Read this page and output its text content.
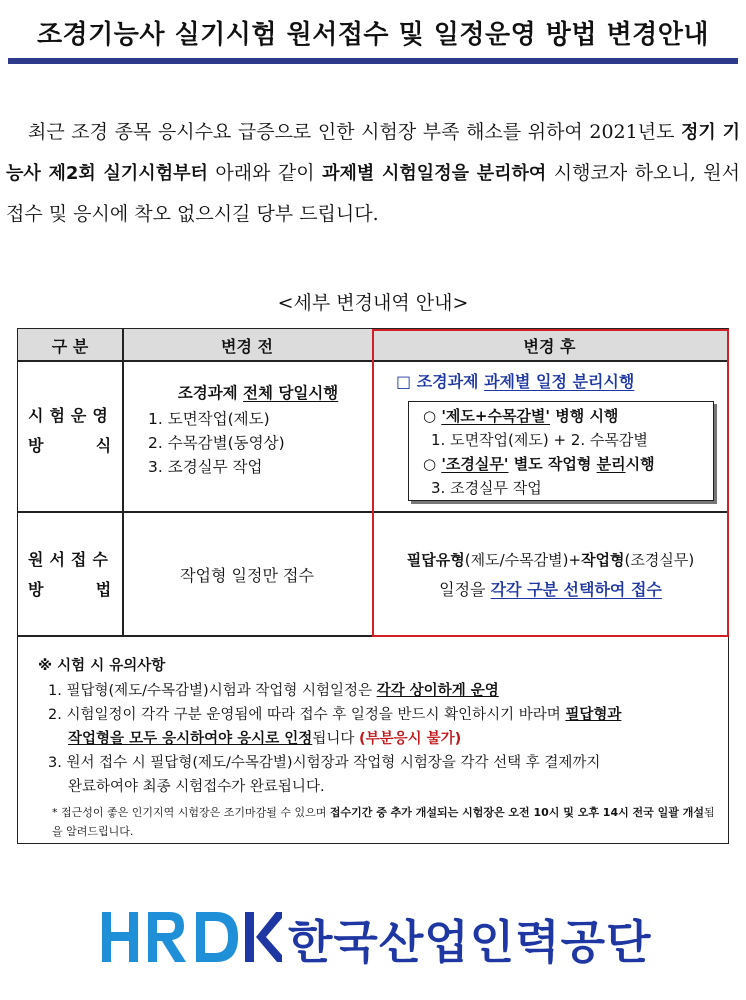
조경기능사 실기시험 원서접수 및 일정운영 방법 변경안내
최근 조경 종목 응시수요 급증으로 인한 시험장 부족 해소를 위하여 2021년도 정기 기능사 제2회 실기시험부터 아래와 같이 과제별 시험일정을 분리하여 시행코자 하오니, 원서접수 및 응시에 착오 없으시길 당부 드립니다.
<세부 변경내역 안내>
구 분	변경 전	변경 후
시험운영
방    식
조경과제 전체 당일시행
1. 도면작업(제도)
2. 수목감별(동영상)
3. 조경실무 작업
□ 조경과제 과제별 일정 분리시행
○ '제도+수목감별' 병행 시행
1. 도면작업(제도) + 2. 수목감별
○ '조경실무' 별도 작업형 분리시행
3. 조경실무 작업
원서접수
방    법
작업형 일정만 접수
필답유형(제도/수목감별)+작업형(조경실무)
일정을 각각 구분 선택하여 접수
※ 시험 시 유의사항
1. 필답형(제도/수목감별)시험과 작업형 시험일정은 각각 상이하게 운영
2. 시험일정이 각각 구분 운영됨에 따라 접수 후 일정을 반드시 확인하시기 바라며 필답형과
작업형을 모두 응시하여야 응시로 인정됩니다 (부분응시 불가)
3. 원서 접수 시 필답형(제도/수목감별)시험장과 작업형 시험장을 각각 선택 후 결제까지
완료하여야 최종 시험접수가 완료됩니다.
* 접근성이 좋은 인기지역 시험장은 조기마감될 수 있으며 접수기간 중 추가 개설되는 시험장은 오전 10시 및 오후 14시 전국 일괄 개설됨을 알려드립니다.
한국산업인력공단
